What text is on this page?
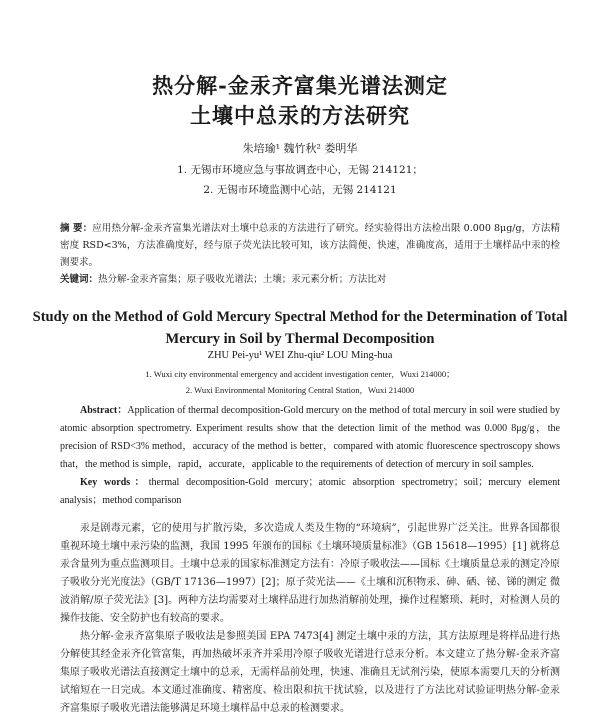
热分解-金汞齐富集光谱法测定
土壤中总汞的方法研究
朱培瑜¹ 魏竹秋² 娄明华
1. 无锡市环境应急与事故调查中心，无锡 214121；
2. 无锡市环境监测中心站，无锡 214121

摘 要：应用热分解-金汞齐富集光谱法对土壤中总汞的方法进行了研究。经实验得出方法检出限 0.000 8μg/g，方法精密度 RSD<3%，方法准确度好，经与原子荧光法比较可知，该方法简便、快速，准确度高，适用于土壤样品中汞的检测要求。

关键词：热分解-金汞齐富集；原子吸收光谱法；土壤；汞元素分析；方法比对

Study on the Method of Gold Mercury Spectral Method for the Determination of Total Mercury in Soil by Thermal Decomposition
ZHU Pei-yu¹ WEI Zhu-qiu² LOU Ming-hua
1. Wuxi city environmental emergency and accident investigation center，Wuxi 214000；
2. Wuxi Environmental Monitoring Central Station，Wuxi 214000

Abstract：Application of thermal decomposition-Gold mercury on the method of total mercury in soil were studied by atomic absorption spectrometry. Experiment results show that the detection limit of the method was 0.000 8μg/g，the precision of RSD<3% method，accuracy of the method is better，compared with atomic fluorescence spectroscopy shows that，the method is simple，rapid，accurate，applicable to the requirements of detection of mercury in soil samples.

Key words：thermal decomposition-Gold mercury；atomic absorption spectrometry；soil；mercury element analysis；method comparison

汞是剧毒元素，它的使用与扩散污染，多次造成人类及生物的“环境病”，引起世界广泛关注。世界各国都很重视环境土壤中汞污染的监测，我国 1995 年颁布的国标《土壤环境质量标准》（GB 15618—1995）[1] 就将总汞含量列为重点监测项目。土壤中总汞的国家标准测定方法有：冷原子吸收法——国标《土壤质量总汞的测定冷原子吸收分光光度法》（GB/T 17136—1997）[2]；原子荧光法——《土壤和沉积物汞、砷、硒、铋、锑的测定 微波消解/原子荧光法》[3]。两种方法均需要对土壤样品进行加热消解前处理，操作过程繁琐、耗时，对检测人员的操作技能、安全防护也有较高的要求。

热分解-金汞齐富集原子吸收法是参照美国 EPA 7473[4] 测定土壤中汞的方法，其方法原理是将样品进行热分解使其经金汞齐化管富集，再加热破坏汞齐并采用冷原子吸收光谱进行总汞分析。本文建立了热分解-金汞齐富集原子吸收光谱法直接测定土壤中的总汞，无需样品前处理，快速、准确且无试剂污染，使原本需要几天的分析测试缩短在一日完成。本文通过准确度、精密度、检出限和抗干扰试验，以及进行了方法比对试验证明热分解-金汞齐富集原子吸收光谱法能够满足环境土壤样品中总汞的检测要求。
